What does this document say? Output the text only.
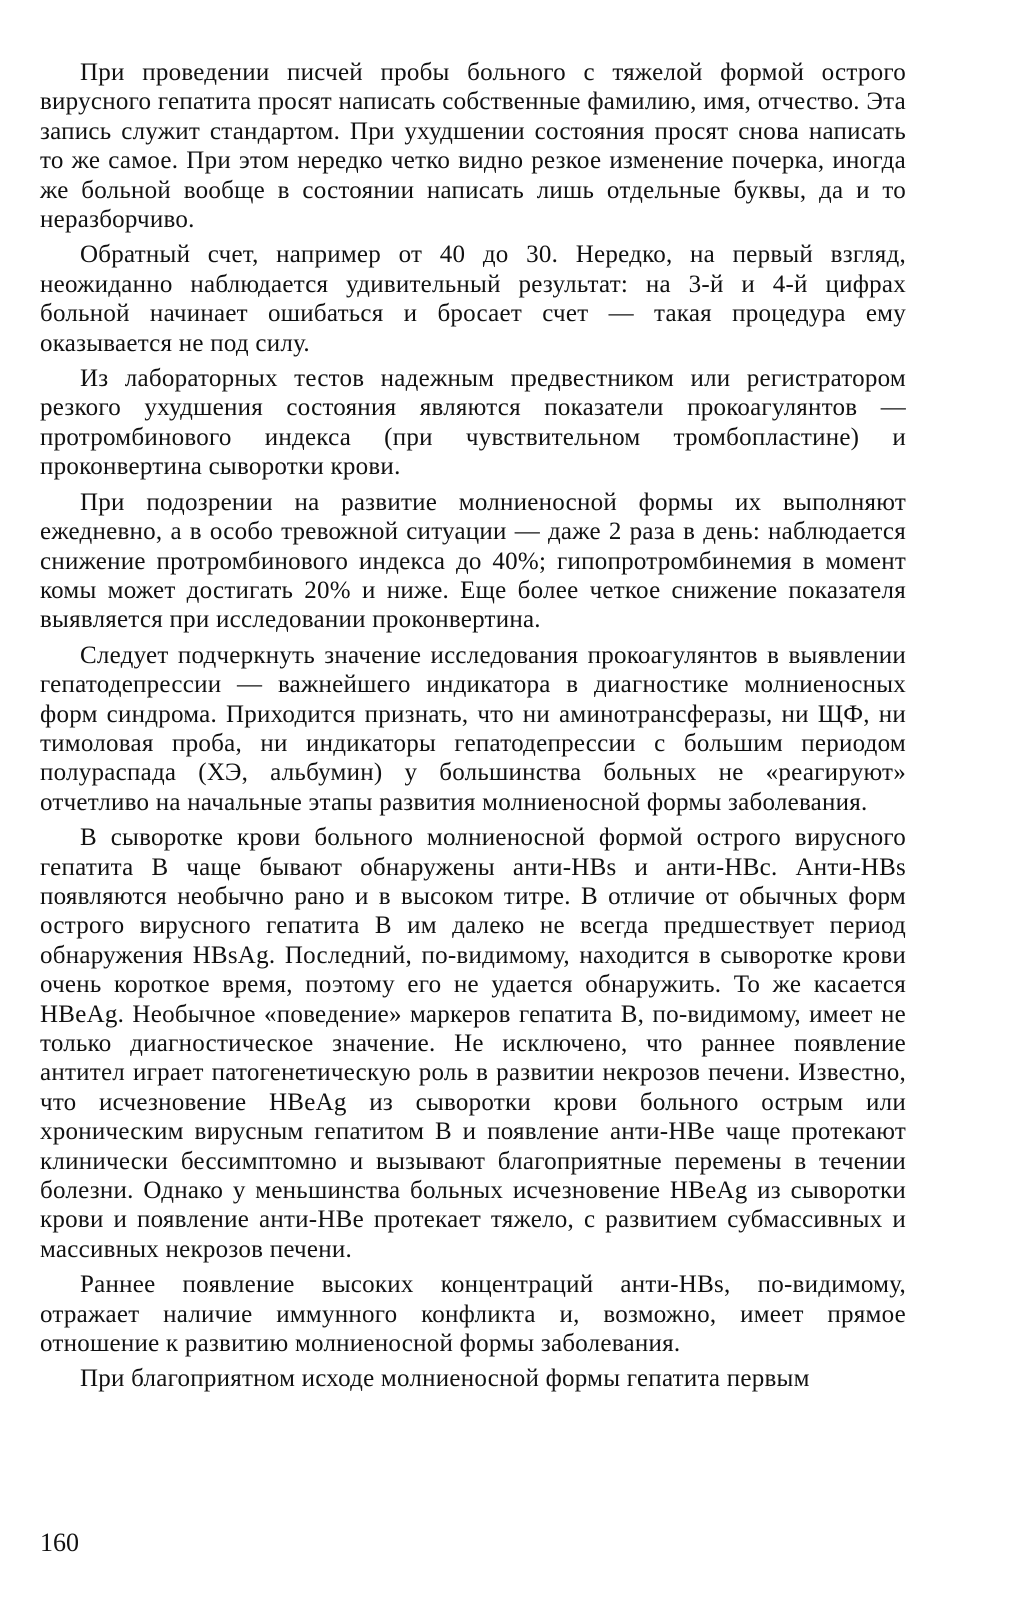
При проведении писчей пробы больного с тяжелой формой острого вирусного гепатита просят написать собственные фамилию, имя, отчество. Эта запись служит стандартом. При ухудшении состояния просят снова написать то же самое. При этом нередко четко видно резкое изменение почерка, иногда же больной вообще в состоянии написать лишь отдельные буквы, да и то неразборчиво.

Обратный счет, например от 40 до 30. Нередко, на первый взгляд, неожиданно наблюдается удивительный результат: на 3-й и 4-й цифрах больной начинает ошибаться и бросает счет — такая процедура ему оказывается не под силу.

Из лабораторных тестов надежным предвестником или регистратором резкого ухудшения состояния являются показатели прокоагулянтов — протромбинового индекса (при чувствительном тромбопластине) и проконвертина сыворотки крови.

При подозрении на развитие молниеносной формы их выполняют ежедневно, а в особо тревожной ситуации — даже 2 раза в день: наблюдается снижение протромбинового индекса до 40%; гипопротромбинемия в момент комы может достигать 20% и ниже. Еще более четкое снижение показателя выявляется при исследовании проконвертина.

Следует подчеркнуть значение исследования прокоагулянтов в выявлении гепатодепрессии — важнейшего индикатора в диагностике молниеносных форм синдрома. Приходится признать, что ни аминотрансферазы, ни ЩФ, ни тимоловая проба, ни индикаторы гепатодепрессии с большим периодом полураспада (ХЭ, альбумин) у большинства больных не «реагируют» отчетливо на начальные этапы развития молниеносной формы заболевания.

В сыворотке крови больного молниеносной формой острого вирусного гепатита В чаще бывают обнаружены анти-HBs и анти-HBc. Анти-HBs появляются необычно рано и в высоком титре. В отличие от обычных форм острого вирусного гепатита В им далеко не всегда предшествует период обнаружения HBsAg. Последний, по-видимому, находится в сыворотке крови очень короткое время, поэтому его не удается обнаружить. То же касается HBeAg. Необычное «поведение» маркеров гепатита В, по-видимому, имеет не только диагностическое значение. Не исключено, что раннее появление антител играет патогенетическую роль в развитии некрозов печени. Известно, что исчезновение HBeAg из сыворотки крови больного острым или хроническим вирусным гепатитом В и появление анти-HBe чаще протекают клинически бессимптомно и вызывают благоприятные перемены в течении болезни. Однако у меньшинства больных исчезновение HBeAg из сыворотки крови и появление анти-HBe протекает тяжело, с развитием субмассивных и массивных некрозов печени.

Раннее появление высоких концентраций анти-HBs, по-видимому, отражает наличие иммунного конфликта и, возможно, имеет прямое отношение к развитию молниеносной формы заболевания.

При благоприятном исходе молниеносной формы гепатита первым

160
